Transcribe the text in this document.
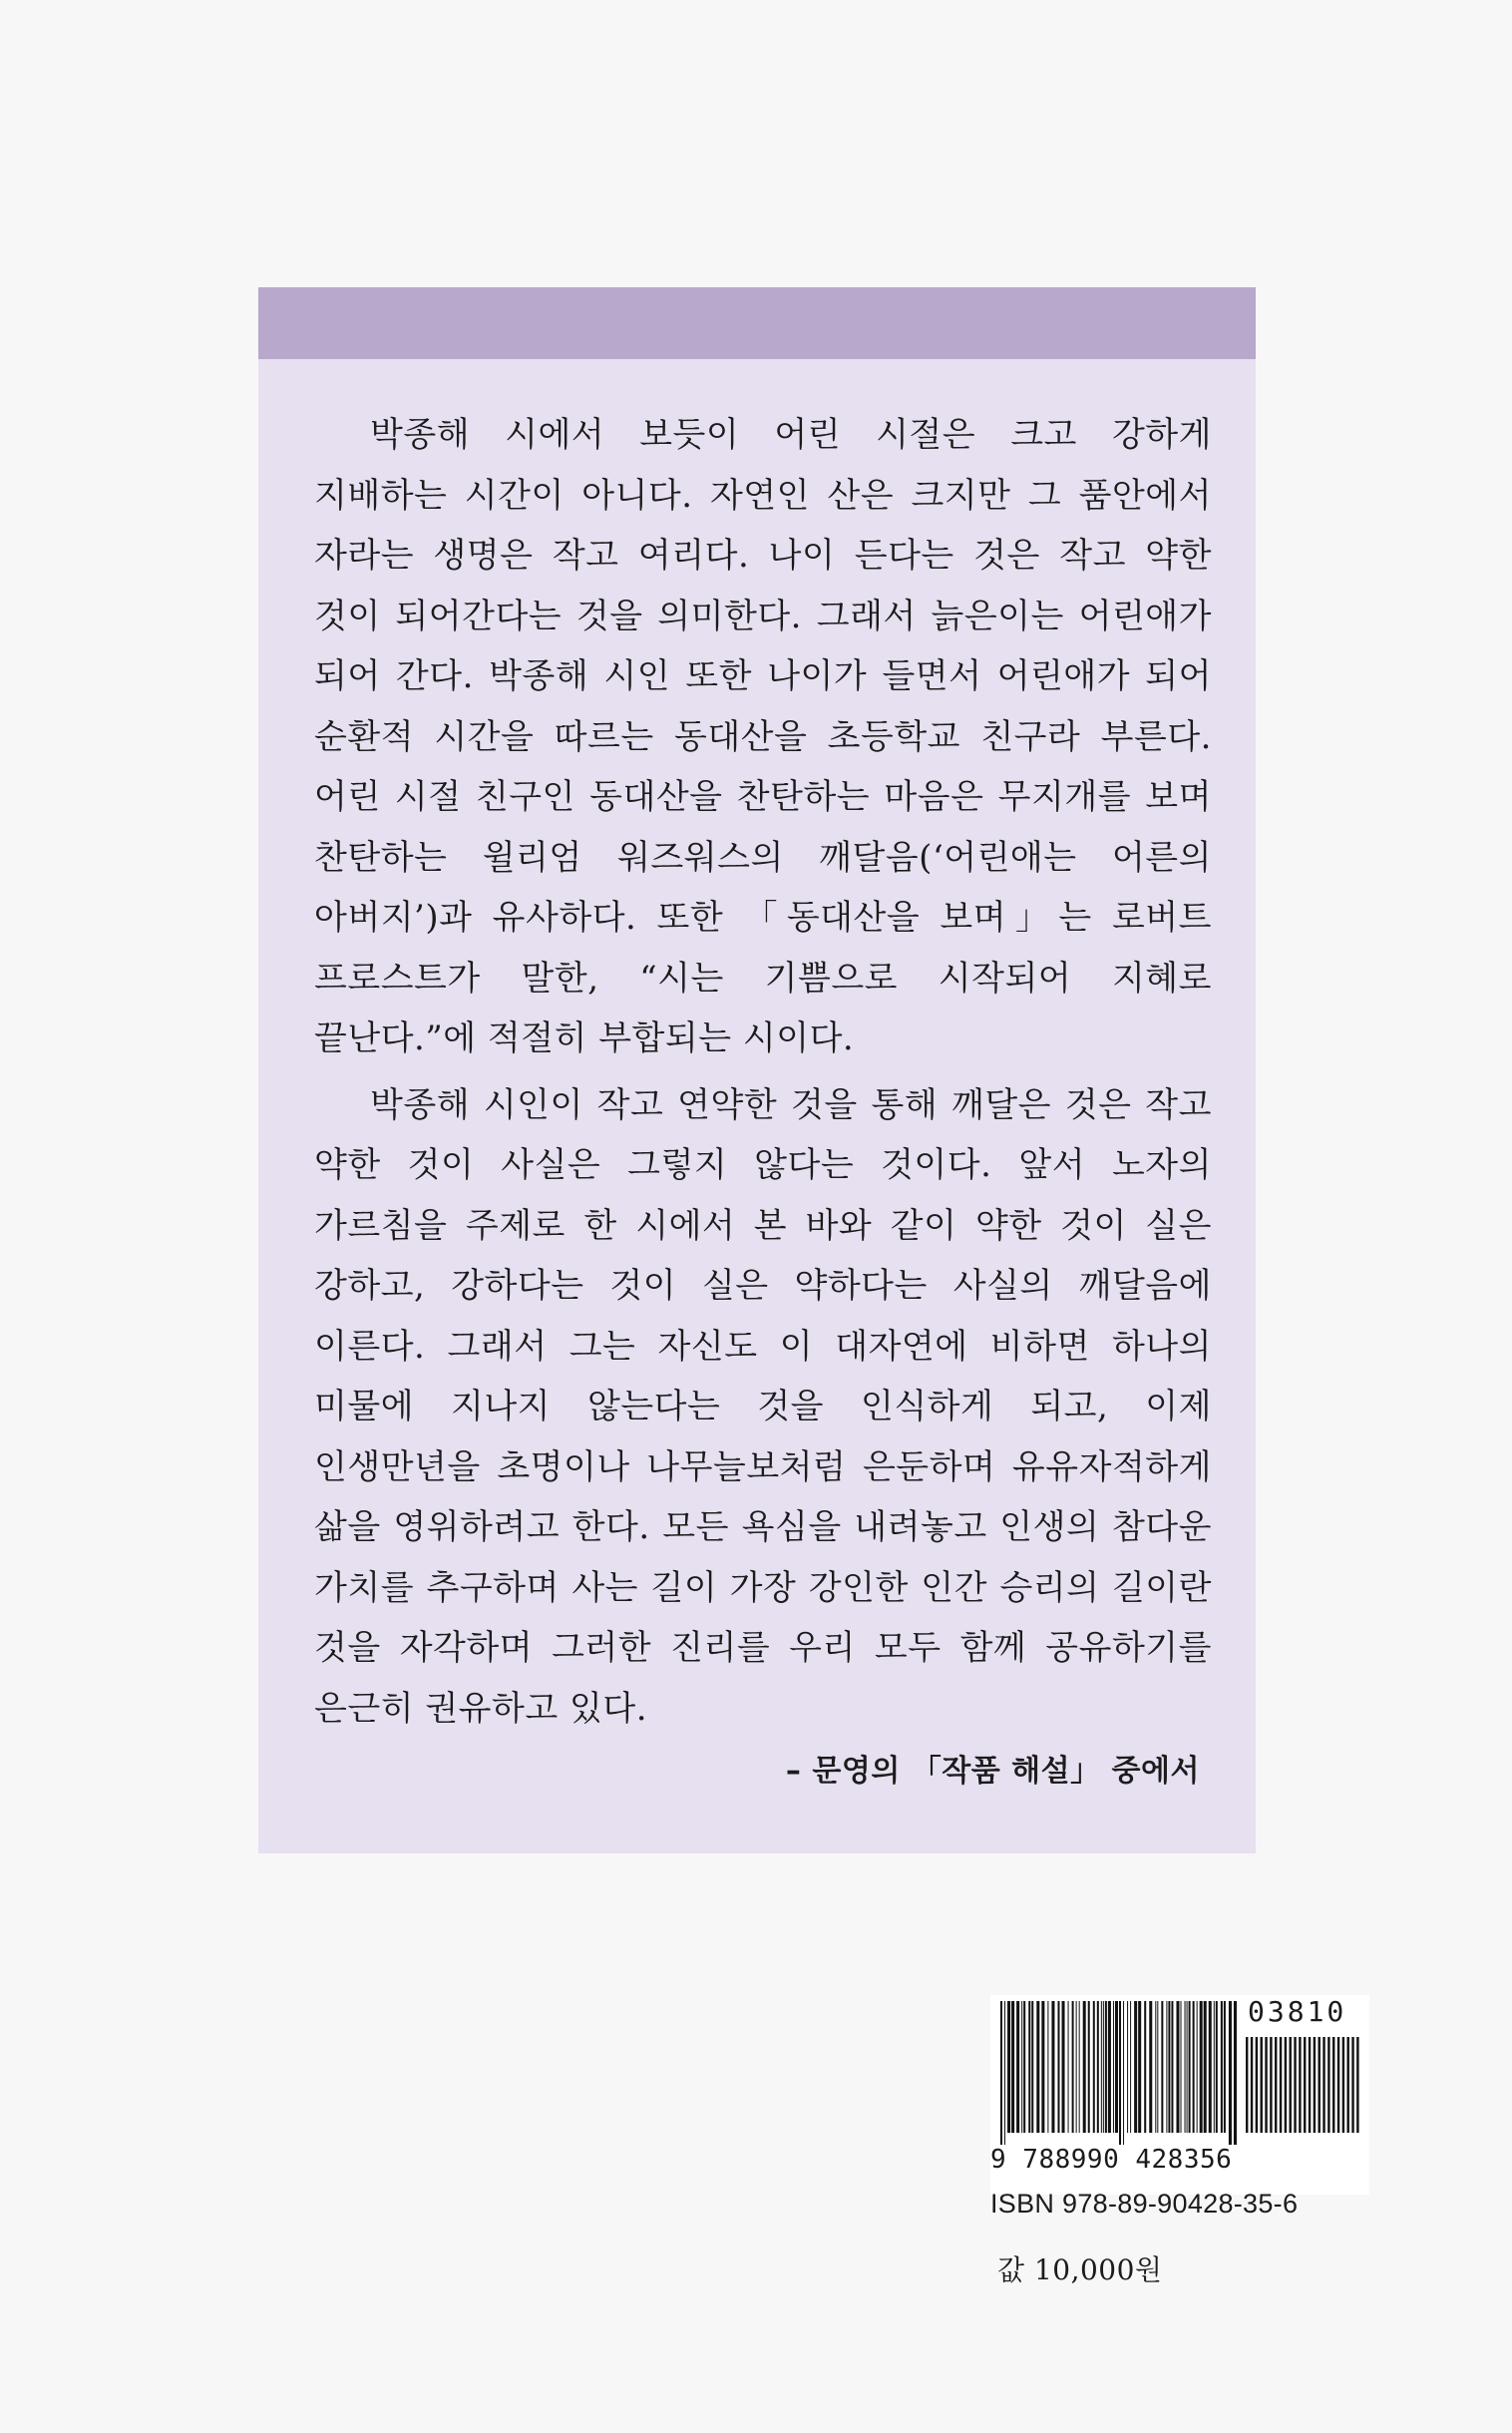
박종해 시에서 보듯이 어린 시절은 크고 강하게 지배하는 시간이 아니다. 자연인 산은 크지만 그 품안에서 자라는 생명은 작고 여리다. 나이 든다는 것은 작고 약한 것이 되어간다는 것을 의미한다. 그래서 늙은이는 어린애가 되어 간다. 박종해 시인 또한 나이가 들면서 어린애가 되어 순환적 시간을 따르는 동대산을 초등학교 친구라 부른다. 어린 시절 친구인 동대산을 찬탄하는 마음은 무지개를 보며 찬탄하는 윌리엄 워즈워스의 깨달음(‘어린애는 어른의 아버지’)과 유사하다. 또한 「동대산을 보며」는 로버트 프로스트가 말한, “시는 기쁨으로 시작되어 지혜로 끝난다.”에 적절히 부합되는 시이다.

박종해 시인이 작고 연약한 것을 통해 깨달은 것은 작고 약한 것이 사실은 그렇지 않다는 것이다. 앞서 노자의 가르침을 주제로 한 시에서 본 바와 같이 약한 것이 실은 강하고, 강하다는 것이 실은 약하다는 사실의 깨달음에 이른다. 그래서 그는 자신도 이 대자연에 비하면 하나의 미물에 지나지 않는다는 것을 인식하게 되고, 이제 인생만년을 초명이나 나무늘보처럼 은둔하며 유유자적하게 삶을 영위하려고 한다. 모든 욕심을 내려놓고 인생의 참다운 가치를 추구하며 사는 길이 가장 강인한 인간 승리의 길이란 것을 자각하며 그러한 진리를 우리 모두 함께 공유하기를 은근히 권유하고 있다.

– 문영의 「작품 해설」 중에서
03810
9 788990 428356
ISBN 978-89-90428-35-6
값 10,000원
